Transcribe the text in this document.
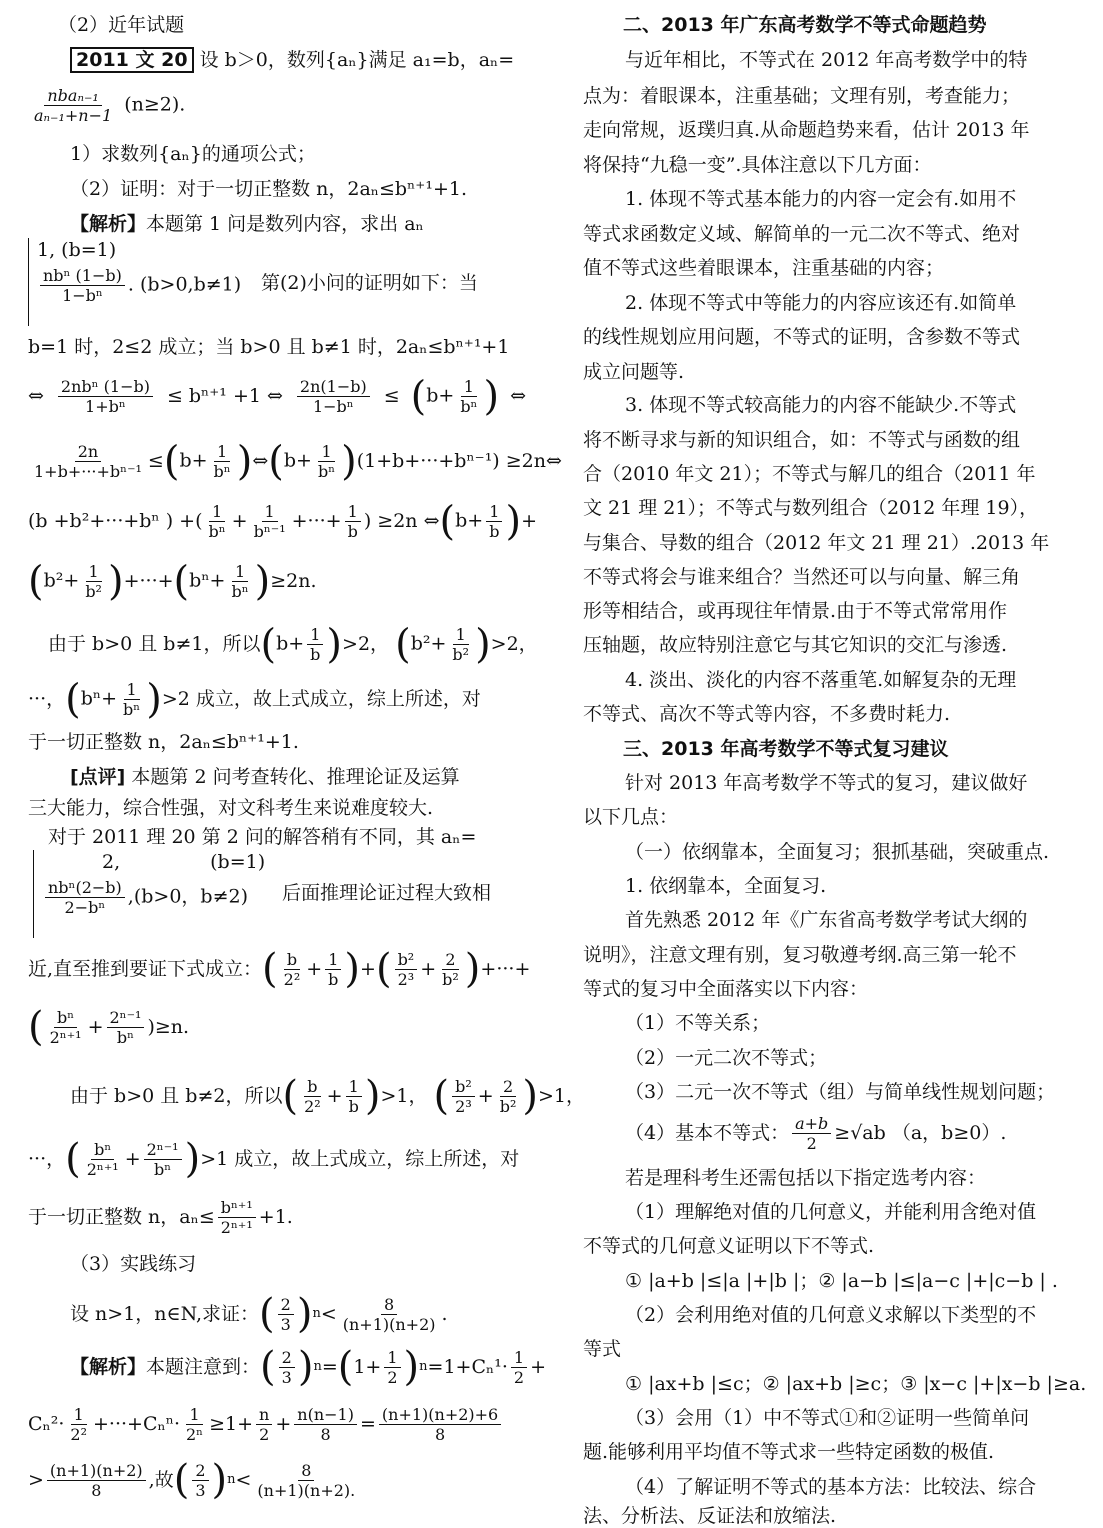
（2）近年试题
2011 文 20 设 b＞0，数列{aₙ}满足 a₁=b，aₙ=
$\frac{\text{nbaₙ₋₁}}{\text{aₙ₋₁+n−1}} (n\ge 2)$.
1）求数列{aₙ}的通项公式；
（2）证明：对于一切正整数 n，2aₙ≤bⁿ⁺¹+1.
【解析】本题第 1 问是数列内容，求出 aₙ
1, (b=1)
$\frac{\text{nbⁿ (1−b)}}{\text{1−bⁿ}}$ . (b>0,b≠1) 第(2)小问的证明如下：当
b=1 时，2≤2 成立；当 b>0 且 b≠1 时，2aₙ≤bⁿ⁺¹+1
⇔ $\frac{\text{2nbⁿ (1−b)}}{\text{1+bⁿ}} \le b^{n+1} +1$ ⇔ $\frac{2n(1-b)}{\text{1−bⁿ}} \le (b+ \frac{1}{\text{bⁿ}}$ ) ⇔
$\frac{2n}{\text{1+b+···+bⁿ⁻¹}} \le (b+ \frac{1}{\text{bⁿ}}$ ) ⇔ ($b+ \frac{1}{\text{bⁿ}}$ ) (1+b+···+bⁿ⁻¹) ≥2n⇔
(b +b²+···+bⁿ ) +( $\frac{1}{\text{bⁿ}} + \frac{1}{\text{bⁿ⁻¹}}$ +···+ $\frac{1}{b}$ ) ≥2n ⇔ ($b+ \frac{1}{b}$ ) +
($b^2+ \frac{1}{\text{b²}}$ ) +···+ ($b^n+ \frac{1}{\text{bⁿ}}$ ) ≥2n.
由于 b>0 且 b≠1，所以 ($b+ \frac{1}{b}$ ) >2，
($b^2+ \frac{1}{\text{b²}}$ ) >2，
···， ($b^n+ \frac{1}{\text{bⁿ}}$ ) >2 成立，故上式成立，综上所述，对
于一切正整数 n，2aₙ≤bⁿ⁺¹+1.
[点评] 本题第 2 问考查转化、推理论证及运算
三大能力，综合性强，对文科考生来说难度较大.
对于 2011 理 20 第 2 问的解答稍有不同，其 aₙ=
2,	(b=1)
$\frac{\text{nbⁿ(2−b)}}{\text{2−bⁿ}} ,(b>0$，b≠2)	后面推理论证过程大致相
近,直至推到要证下式成立： ( $\frac{b}{\text{2²}} + \frac{1}{b}$ ) + ( $\frac{\text{b²}}{\text{2³}} + \frac{2}{\text{b²}}$ ) +···+
( $\frac{\text{bⁿ}}{\text{2ⁿ⁺¹}} + \frac{\text{2ⁿ⁻¹}}{\text{bⁿ}} )\ge n$.
由于 b>0 且 b≠2，所以 ( $\frac{b}{\text{2²}} + \frac{1}{b}$ ) >1，
( $\frac{\text{b²}}{\text{2³}} + \frac{2}{\text{b²}}$ ) >1，
···， ( $\frac{\text{bⁿ}}{\text{2ⁿ⁺¹}} + \frac{\text{2ⁿ⁻¹}}{\text{bⁿ}}$ ) >1 成立，故上式成立，综上所述，对
于一切正整数 n，$a_n\le \frac{\text{bⁿ⁺¹}}{\text{2ⁿ⁺¹}} +1$.
（3）实践练习
设 n>1，n∈N,求证： ( $\frac{2}{3}$ ) $n < \frac{8}{(n+1)(n+2)}$ .
【解析】 本题注意到： ( $\frac{2}{3}$ ) n = ( $1+ \frac{1}{2}$ ) $n =1+C_n^1\cdot \frac{1}{2}$ +
$C_n^2\cdot \frac{1}{\text{2²}} +\cdot\cdot\cdot+C_n^n\cdot \frac{1}{\text{2ⁿ}} \ge 1+ \frac{n}{2} + \frac{n(n-1)}{8} = \frac{(n+1)(n+2)+6}{8}$
> $\frac{(n+1)(n+2)}{8}$ ,故 ( $\frac{2}{3}$ ) $n < \frac{8}{(n+1)(n+2).}$
二、2013 年广东高考数学不等式命题趋势
与近年相比，不等式在 2012 年高考数学中的特
点为：着眼课本，注重基础；文理有别，考查能力；
走向常规，返璞归真.从命题趋势来看，估计 2013 年
将保持“九稳一变”.具体注意以下几方面：
1. 体现不等式基本能力的内容一定会有.如用不
等式求函数定义域、解简单的一元二次不等式、绝对
值不等式这些着眼课本，注重基础的内容；
2. 体现不等式中等能力的内容应该还有.如简单
的线性规划应用问题，不等式的证明，含参数不等式
成立问题等.
3. 体现不等式较高能力的内容不能缺少.不等式
将不断寻求与新的知识组合，如：不等式与函数的组
合（2010 年文 21）；不等式与解几的组合（2011 年
文 21 理 21）；不等式与数列组合（2012 年理 19），
与集合、导数的组合（2012 年文 21 理 21）.2013 年
不等式将会与谁来组合？当然还可以与向量、解三角
形等相结合，或再现往年情景.由于不等式常常用作
压轴题，故应特别注意它与其它知识的交汇与渗透.
4. 淡出、淡化的内容不落重笔.如解复杂的无理
不等式、高次不等式等内容，不多费时耗力.
三、2013 年高考数学不等式复习建议
针对 2013 年高考数学不等式的复习，建议做好
以下几点：
（一）依纲靠本，全面复习；狠抓基础，突破重点.
1. 依纲靠本，全面复习.
首先熟悉 2012 年《广东省高考数学考试大纲的
说明》，注意文理有别，复习敬遵考纲.高三第一轮不
等式的复习中全面落实以下内容：
（1）不等关系；
（2）一元二次不等式；
（3）二元一次不等式（组）与简单线性规划问题；
（4）基本不等式： $\frac{a+b}{2} \ge√ab$ （a，b≥0）.
若是理科考生还需包括以下指定选考内容：
（1）理解绝对值的几何意义，并能利用含绝对值
不等式的几何意义证明以下不等式.
① |a+b |≤|a |+|b |；② |a−b |≤|a−c |+|c−b | .
（2）会利用绝对值的几何意义求解以下类型的不
等式
① |ax+b |≤c；② |ax+b |≥c；③ |x−c |+|x−b |≥a.
（3）会用（1）中不等式①和②证明一些简单问
题.能够利用平均值不等式求一些特定函数的极值.
（4）了解证明不等式的基本方法：比较法、综合
法、分析法、反证法和放缩法.
